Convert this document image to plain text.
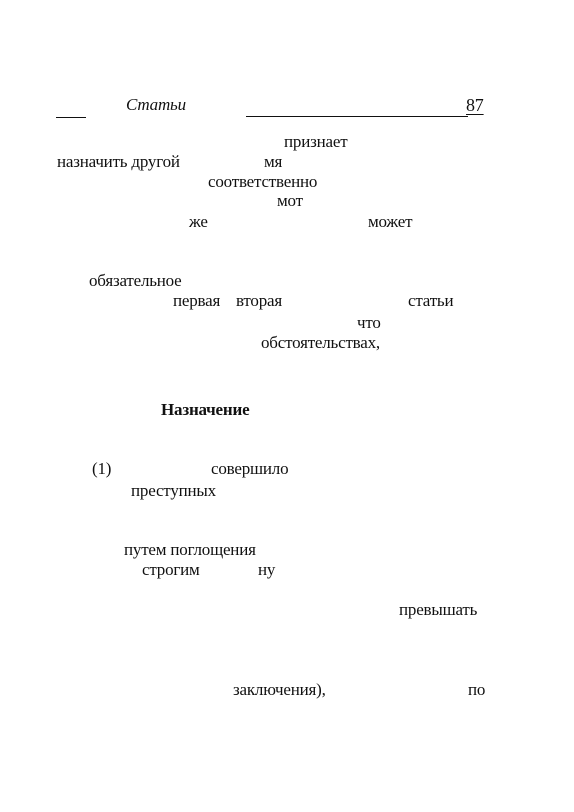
Статьи	87
признает
назначить другой	мя
соответственно
мот
же	может
обязательное
первая вторая	статьи
что
обстоятельствах,
Назначение
(1)	совершило
преступных
путем поглощения
строгим	ну
превышать
заключения),	по
